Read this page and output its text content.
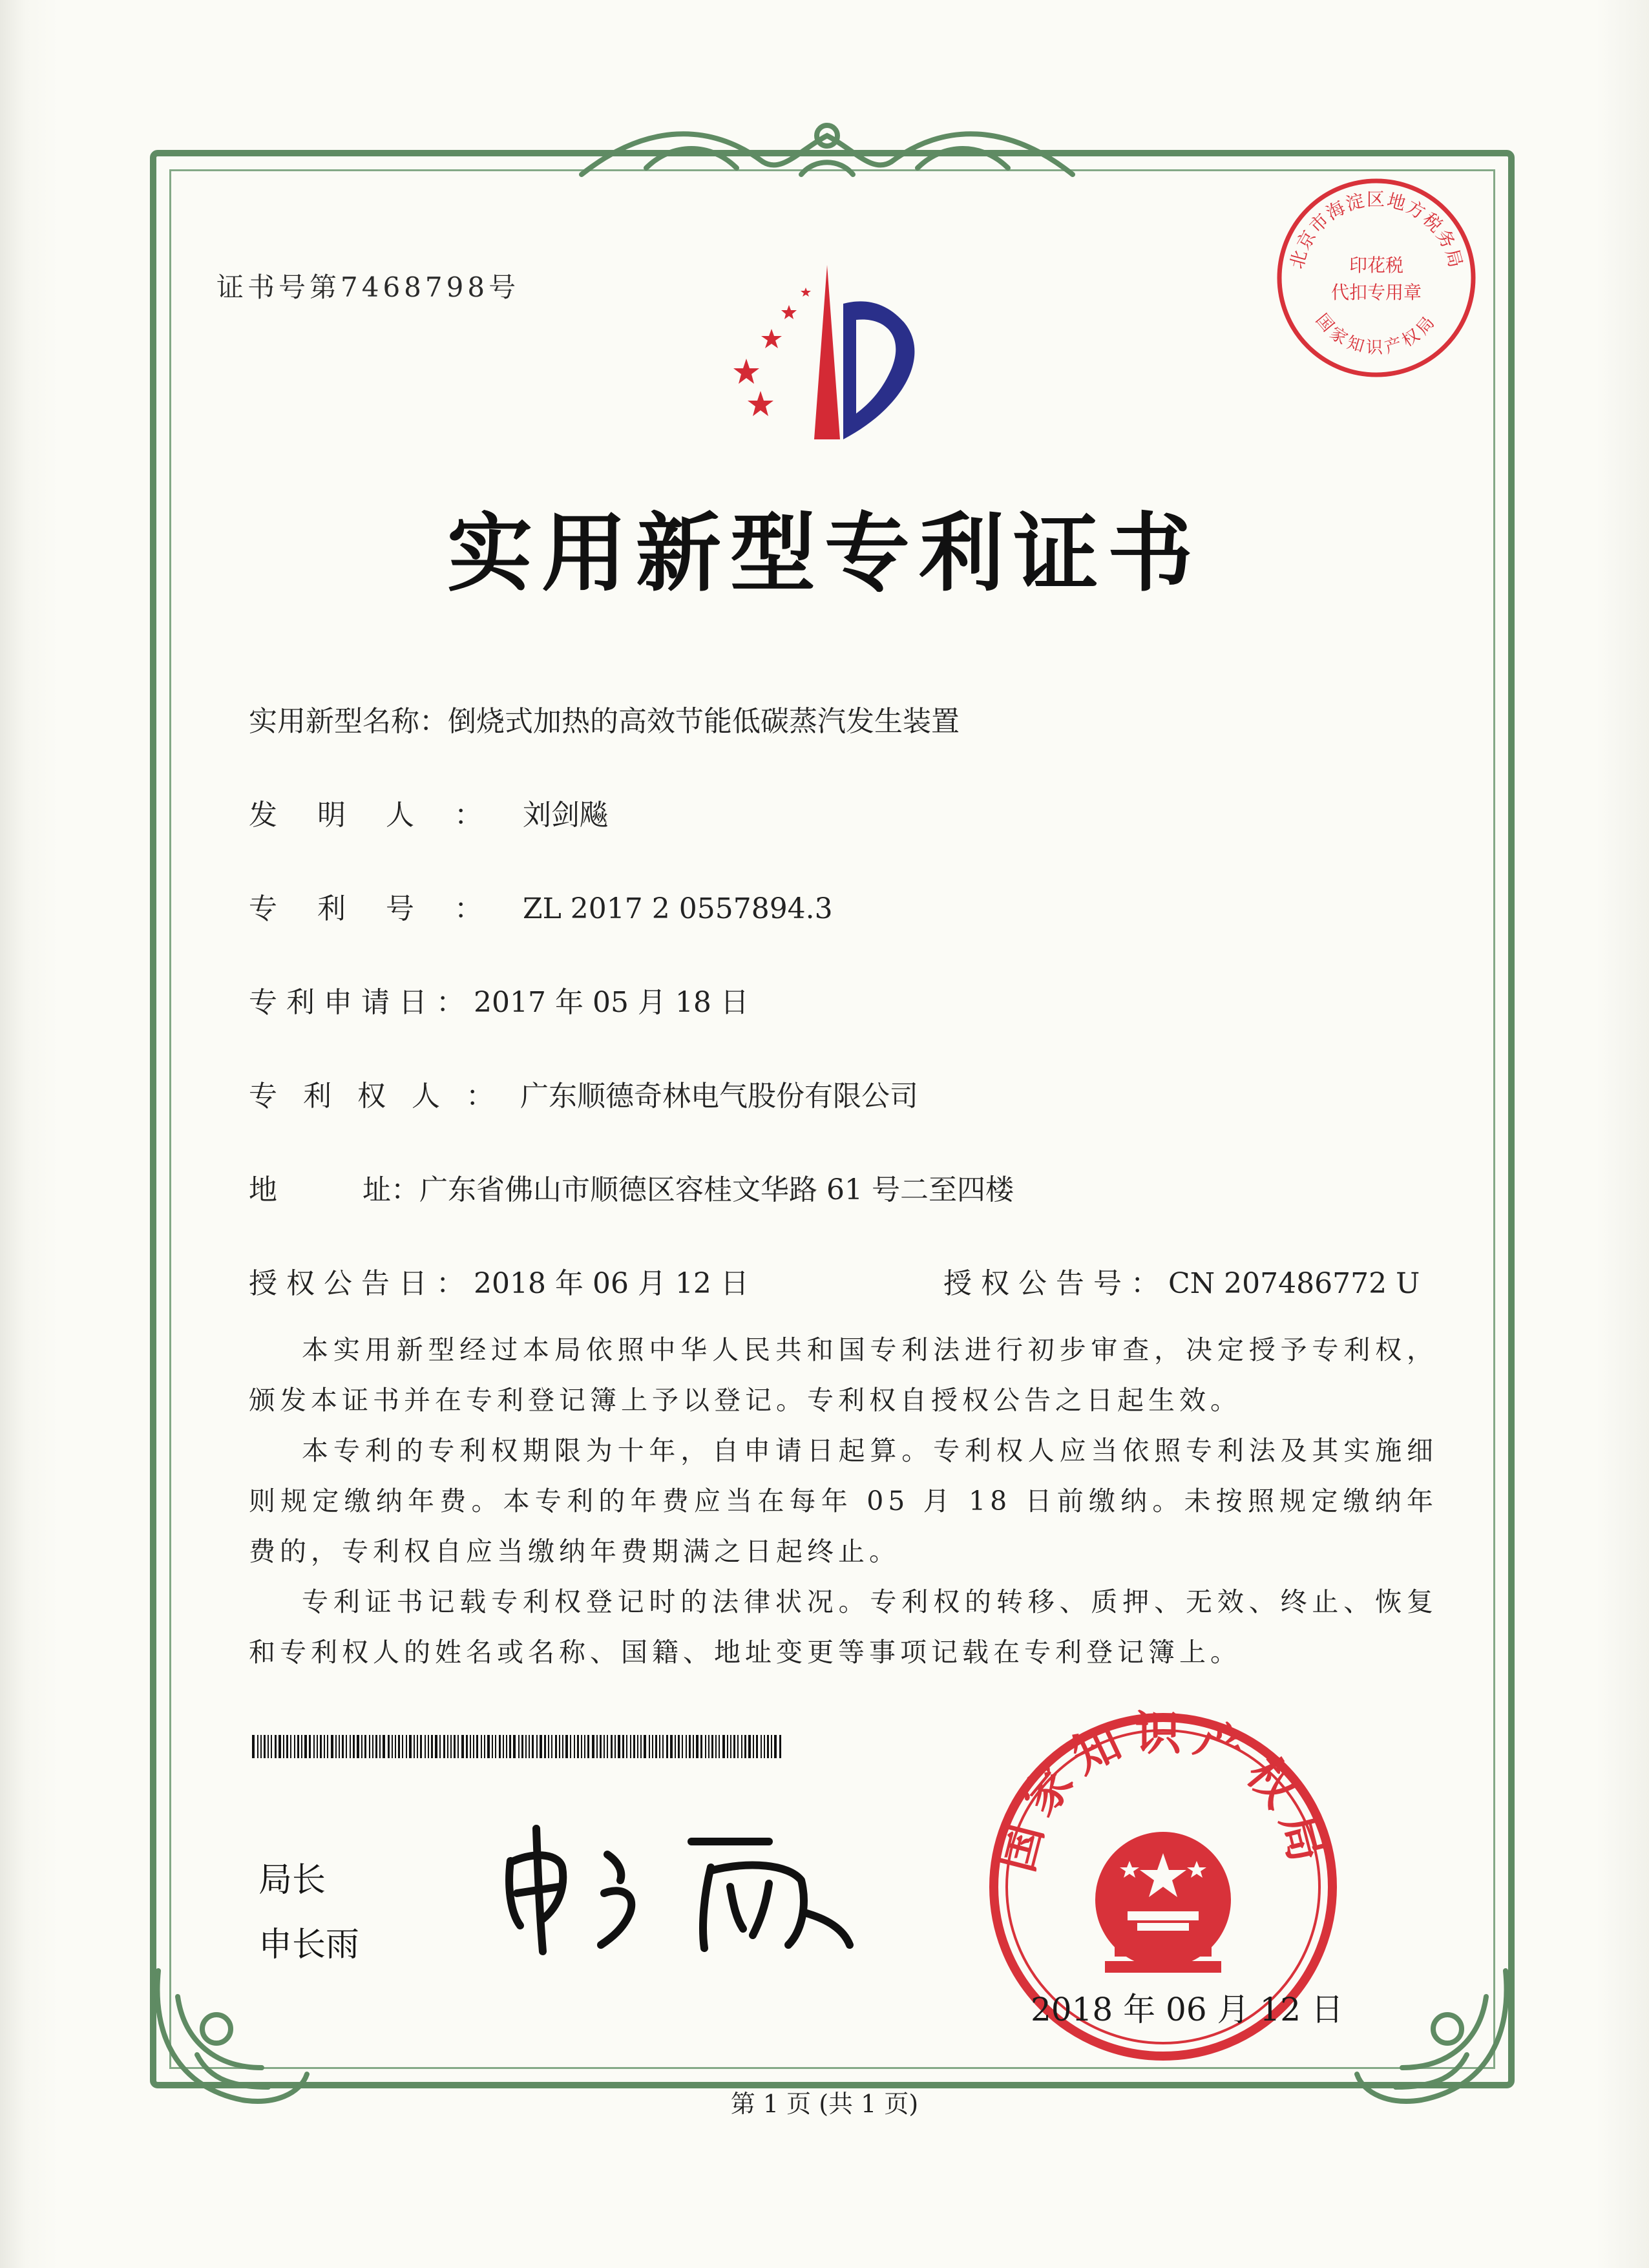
证书号第7468798号
实用新型专利证书
实用新型名称：倒烧式加热的高效节能低碳蒸汽发生装置
发明人：刘剑飚
专利号：ZL 2017 2 0557894.3
专利申请日：2017 年 05 月 18 日
专利权人：广东顺德奇林电气股份有限公司
地　　　址：广东省佛山市顺德区容桂文华路 61 号二至四楼
授权公告日：2018 年 06 月 12 日	授权公告号：CN 207486772 U

本实用新型经过本局依照中华人民共和国专利法进行初步审查，决定授予专利权，颁发本证书并在专利登记簿上予以登记。专利权自授权公告之日起生效。

本专利的专利权期限为十年，自申请日起算。专利权人应当依照专利法及其实施细则规定缴纳年费。本专利的年费应当在每年 05 月 18 日前缴纳。未按照规定缴纳年费的，专利权自应当缴纳年费期满之日起终止。

专利证书记载专利权登记时的法律状况。专利权的转移、质押、无效、终止、恢复和专利权人的姓名或名称、国籍、地址变更等事项记载在专利登记簿上。

局长
申长雨
国家知识产权局
2018 年 06 月 12 日
北京市海淀区地方税务局
国家知识产权局
印花税
代扣专用章
第 1 页 (共 1 页)
